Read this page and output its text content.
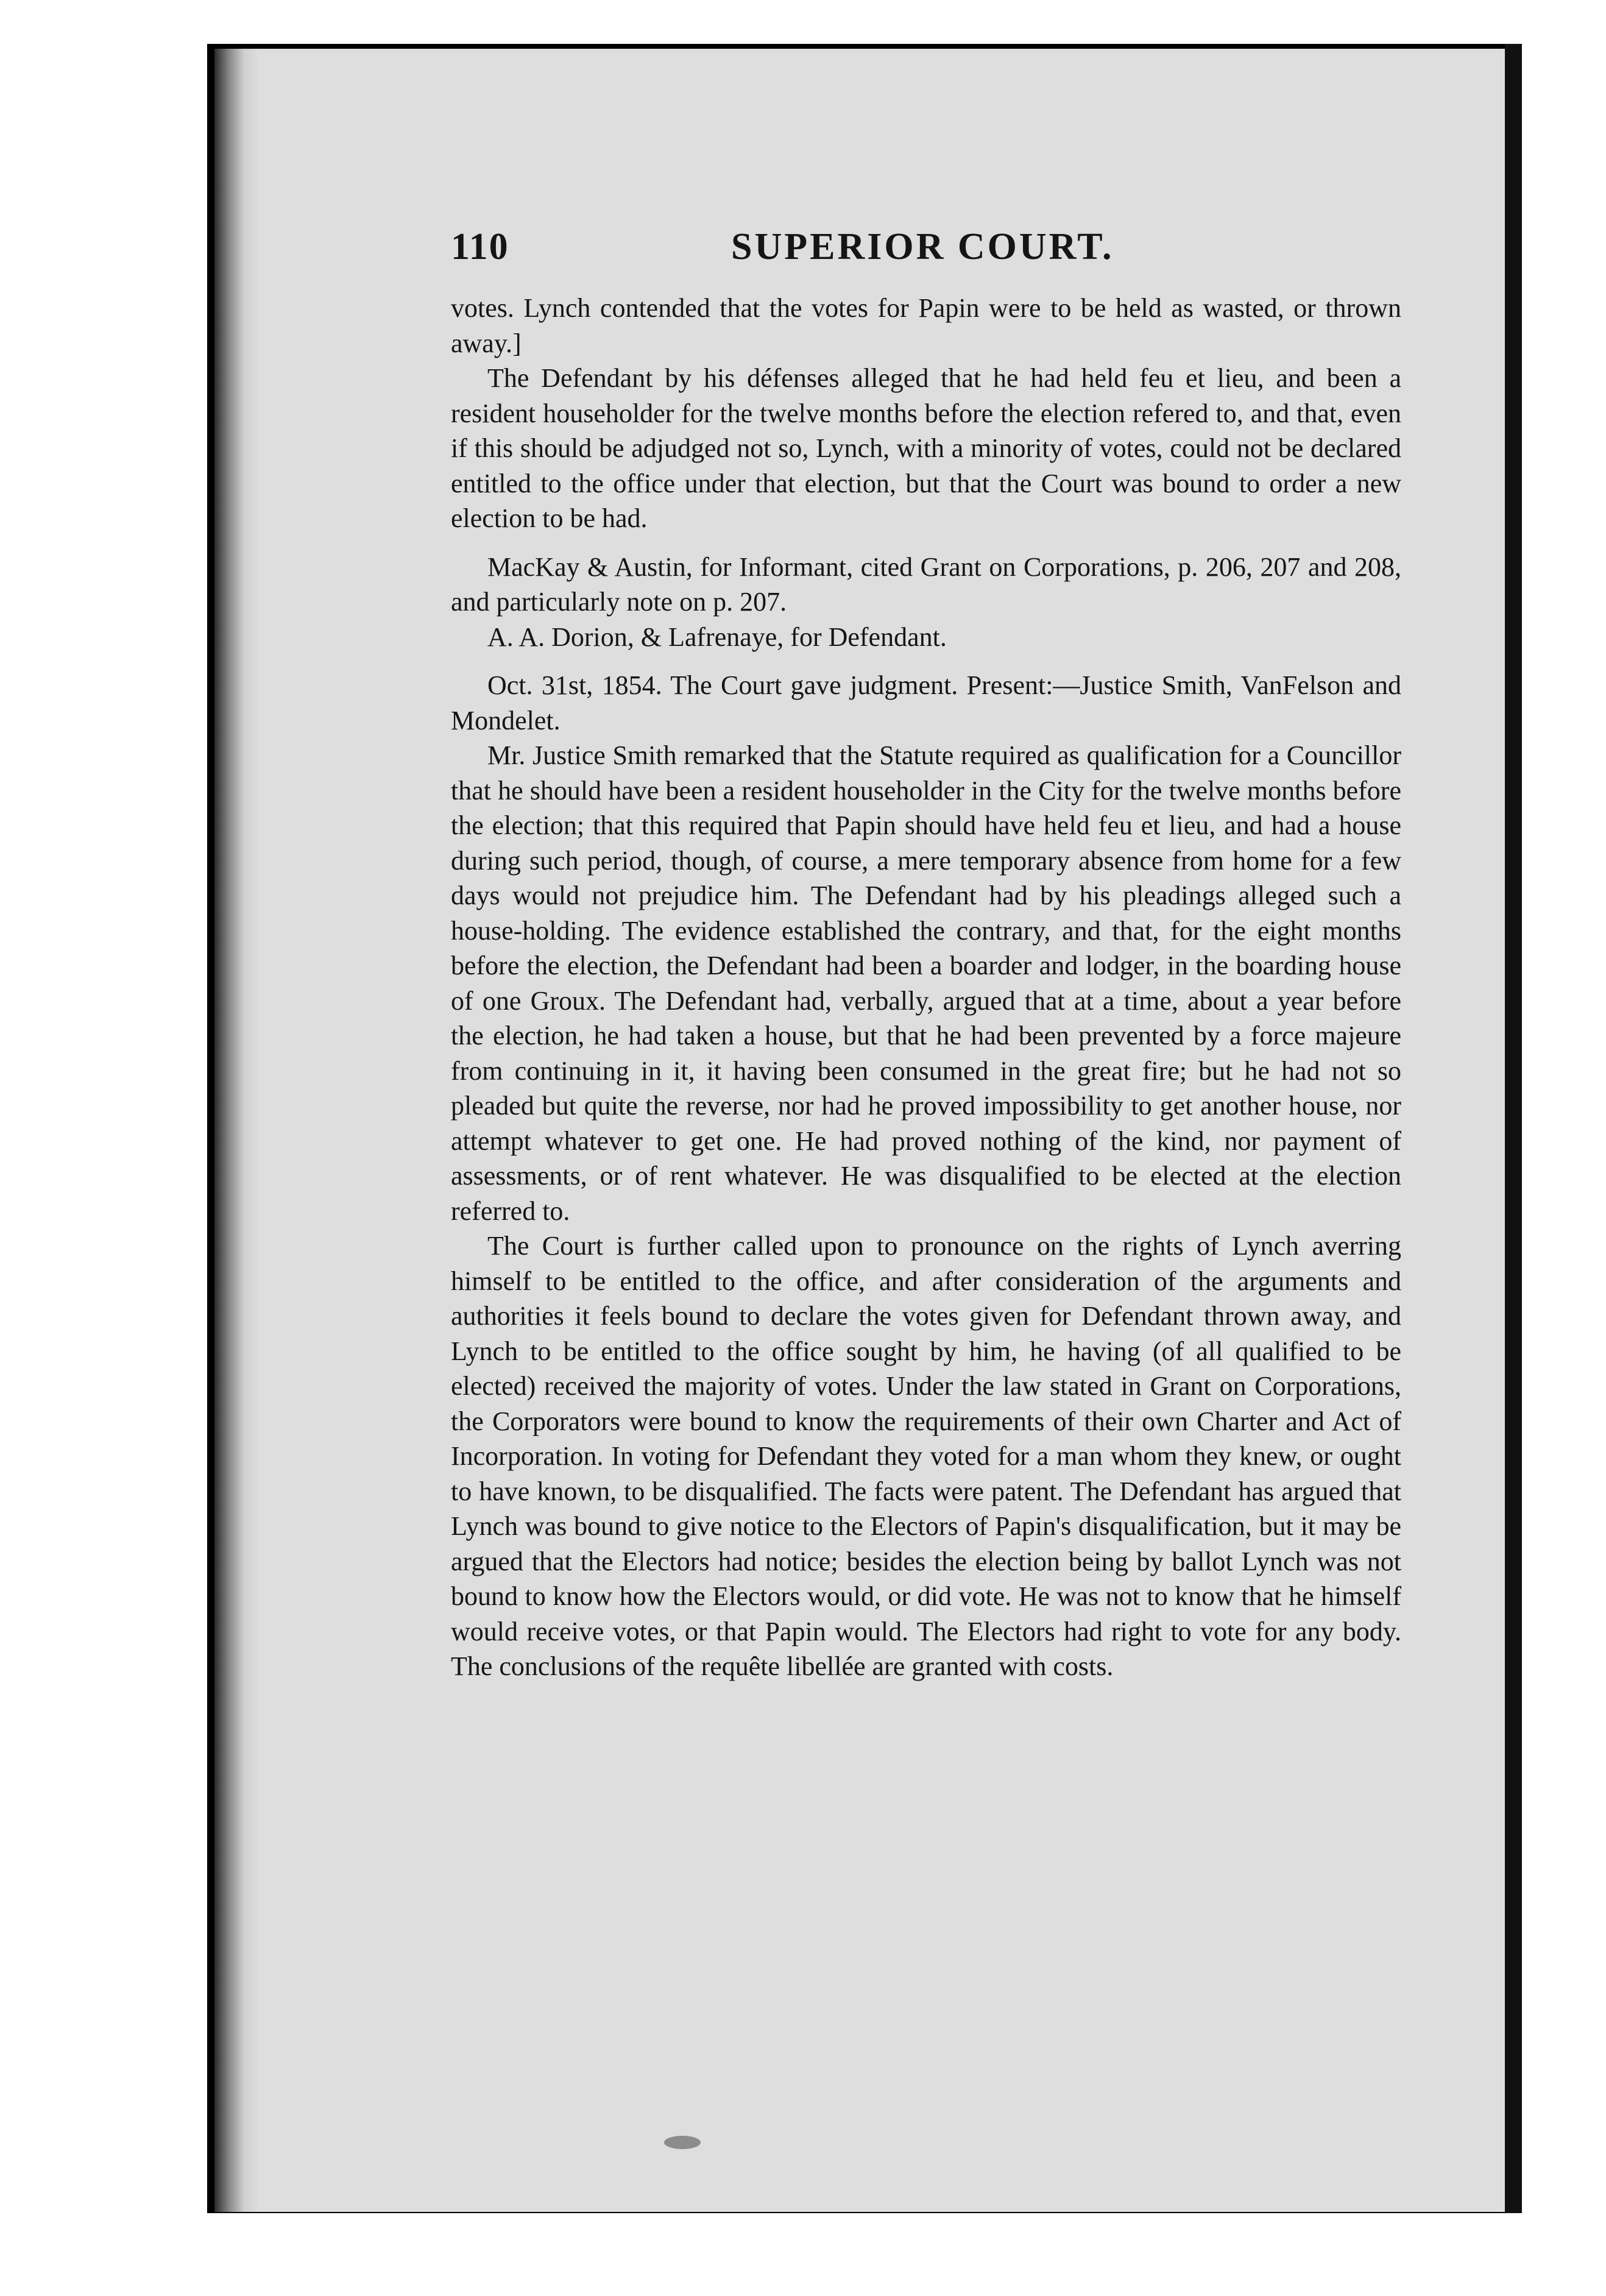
110	SUPERIOR COURT.

votes. Lynch contended that the votes for Papin were to be held as wasted, or thrown away.]

The Defendant by his défenses alleged that he had held feu et lieu, and been a resident householder for the twelve months before the election refered to, and that, even if this should be adjudged not so, Lynch, with a minority of votes, could not be declared entitled to the office under that election, but that the Court was bound to order a new election to be had.

MacKay & Austin, for Informant, cited Grant on Corporations, p. 206, 207 and 208, and particularly note on p. 207.

A. A. Dorion, & Lafrenaye, for Defendant.

Oct. 31st, 1854. The Court gave judgment. Present:—Justice Smith, VanFelson and Mondelet.

Mr. Justice Smith remarked that the Statute required as qualification for a Councillor that he should have been a resident householder in the City for the twelve months before the election; that this required that Papin should have held feu et lieu, and had a house during such period, though, of course, a mere temporary absence from home for a few days would not prejudice him. The Defendant had by his pleadings alleged such a house-holding. The evidence established the contrary, and that, for the eight months before the election, the Defendant had been a boarder and lodger, in the boarding house of one Groux. The Defendant had, verbally, argued that at a time, about a year before the election, he had taken a house, but that he had been prevented by a force majeure from continuing in it, it having been consumed in the great fire; but he had not so pleaded but quite the reverse, nor had he proved impossibility to get another house, nor attempt whatever to get one. He had proved nothing of the kind, nor payment of assessments, or of rent whatever. He was disqualified to be elected at the election referred to.

The Court is further called upon to pronounce on the rights of Lynch averring himself to be entitled to the office, and after consideration of the arguments and authorities it feels bound to declare the votes given for Defendant thrown away, and Lynch to be entitled to the office sought by him, he having (of all qualified to be elected) received the majority of votes. Under the law stated in Grant on Corporations, the Corporators were bound to know the requirements of their own Charter and Act of Incorporation. In voting for Defendant they voted for a man whom they knew, or ought to have known, to be disqualified. The facts were patent. The Defendant has argued that Lynch was bound to give notice to the Electors of Papin's disqualification, but it may be argued that the Electors had notice; besides the election being by ballot Lynch was not bound to know how the Electors would, or did vote. He was not to know that he himself would receive votes, or that Papin would. The Electors had right to vote for any body. The conclusions of the requête libellée are granted with costs.
